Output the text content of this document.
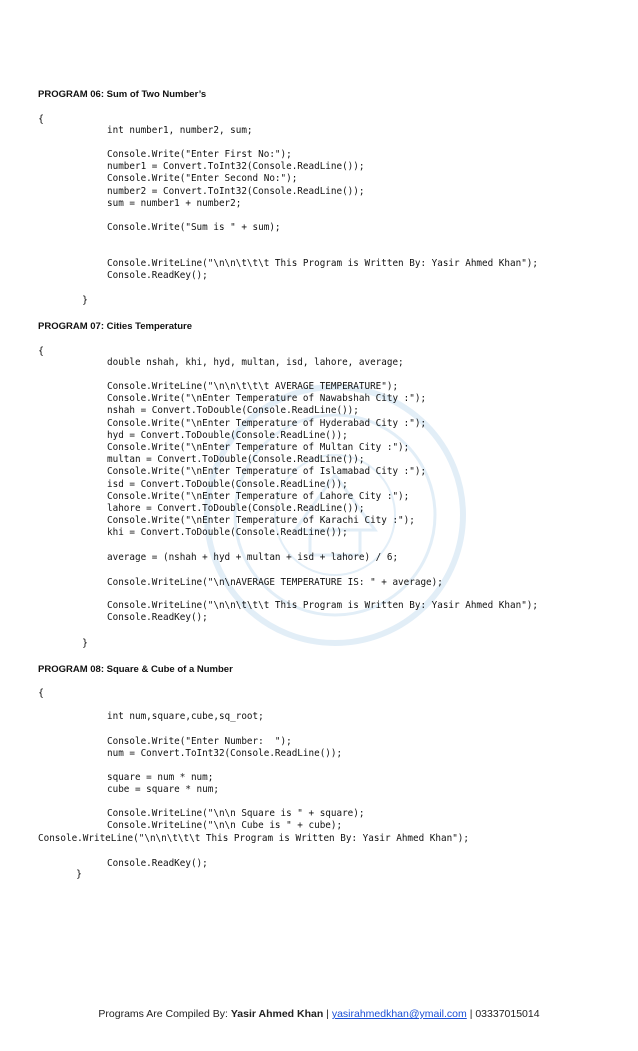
PROGRAM 06: Sum of Two Number’s
{
int number1, number2, sum;
Console.Write("Enter First No:");
number1 = Convert.ToInt32(Console.ReadLine());
Console.Write("Enter Second No:");
number2 = Convert.ToInt32(Console.ReadLine());
sum = number1 + number2;
Console.Write("Sum is " + sum);
Console.WriteLine("\n\n\t\t\t This Program is Written By: Yasir Ahmed Khan");
Console.ReadKey();
}
PROGRAM 07: Cities Temperature
{
double nshah, khi, hyd, multan, isd, lahore, average;
Console.WriteLine("\n\n\t\t\t AVERAGE TEMPERATURE");
Console.Write("\nEnter Temperature of Nawabshah City :");
nshah = Convert.ToDouble(Console.ReadLine());
Console.Write("\nEnter Temperature of Hyderabad City :");
hyd = Convert.ToDouble(Console.ReadLine());
Console.Write("\nEnter Temperature of Multan City :");
multan = Convert.ToDouble(Console.ReadLine());
Console.Write("\nEnter Temperature of Islamabad City :");
isd = Convert.ToDouble(Console.ReadLine());
Console.Write("\nEnter Temperature of Lahore City :");
lahore = Convert.ToDouble(Console.ReadLine());
Console.Write("\nEnter Temperature of Karachi City :");
khi = Convert.ToDouble(Console.ReadLine());
average = (nshah + hyd + multan + isd + lahore) / 6;
Console.WriteLine("\n\nAVERAGE TEMPERATURE IS: " + average);
Console.WriteLine("\n\n\t\t\t This Program is Written By: Yasir Ahmed Khan");
Console.ReadKey();
}
PROGRAM 08: Square & Cube of a Number
{
int num,square,cube,sq_root;
Console.Write("Enter Number:  ");
num = Convert.ToInt32(Console.ReadLine());
square = num * num;
cube = square * num;
Console.WriteLine("\n\n Square is " + square);
Console.WriteLine("\n\n Cube is " + cube);
Console.WriteLine("\n\n\t\t\t This Program is Written By: Yasir Ahmed Khan");
Console.ReadKey();
}
Programs Are Compiled By: Yasir Ahmed Khan | yasirahmedkhan@ymail.com | 03337015014
